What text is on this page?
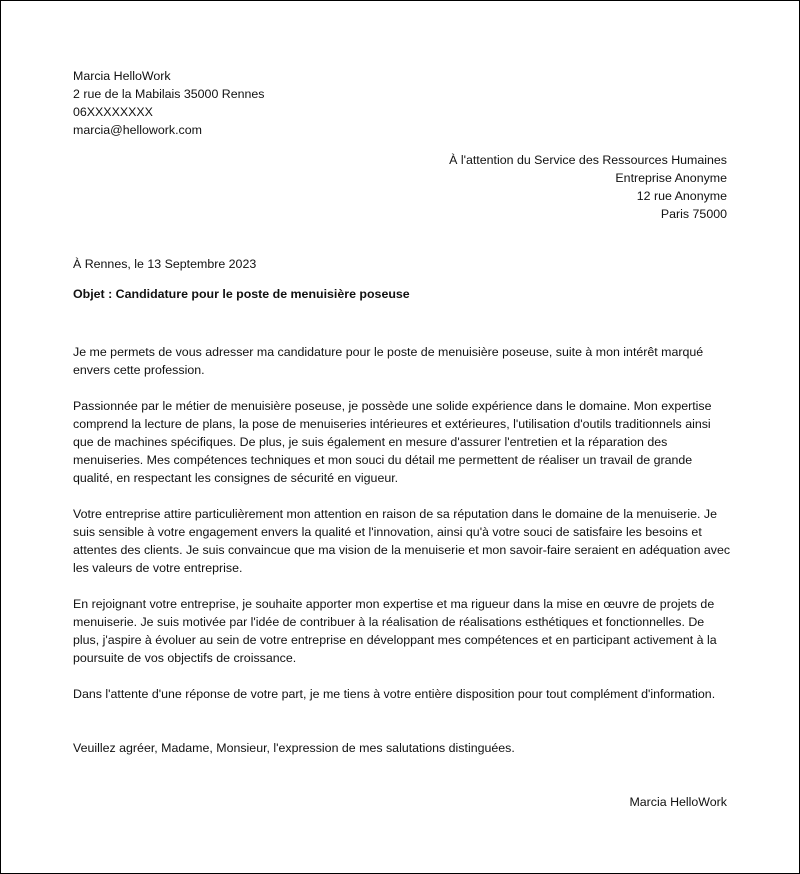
Marcia HelloWork
2 rue de la Mabilais 35000 Rennes
06XXXXXXXX
marcia@hellowork.com
À l'attention du Service des Ressources Humaines
Entreprise Anonyme
12 rue Anonyme
Paris 75000
À Rennes, le 13 Septembre 2023
Objet : Candidature pour le poste de menuisière poseuse

Je me permets de vous adresser ma candidature pour le poste de menuisière poseuse, suite à mon intérêt marqué envers cette profession.

Passionnée par le métier de menuisière poseuse, je possède une solide expérience dans le domaine. Mon expertise comprend la lecture de plans, la pose de menuiseries intérieures et extérieures, l'utilisation d'outils traditionnels ainsi que de machines spécifiques. De plus, je suis également en mesure d'assurer l'entretien et la réparation des menuiseries. Mes compétences techniques et mon souci du détail me permettent de réaliser un travail de grande qualité, en respectant les consignes de sécurité en vigueur.

Votre entreprise attire particulièrement mon attention en raison de sa réputation dans le domaine de la menuiserie. Je suis sensible à votre engagement envers la qualité et l'innovation, ainsi qu'à votre souci de satisfaire les besoins et attentes des clients. Je suis convaincue que ma vision de la menuiserie et mon savoir-faire seraient en adéquation avec les valeurs de votre entreprise.

En rejoignant votre entreprise, je souhaite apporter mon expertise et ma rigueur dans la mise en œuvre de projets de menuiserie. Je suis motivée par l'idée de contribuer à la réalisation de réalisations esthétiques et fonctionnelles. De plus, j'aspire à évoluer au sein de votre entreprise en développant mes compétences et en participant activement à la poursuite de vos objectifs de croissance.

Dans l'attente d'une réponse de votre part, je me tiens à votre entière disposition pour tout complément d'information.

Veuillez agréer, Madame, Monsieur, l'expression de mes salutations distinguées.

Marcia HelloWork
